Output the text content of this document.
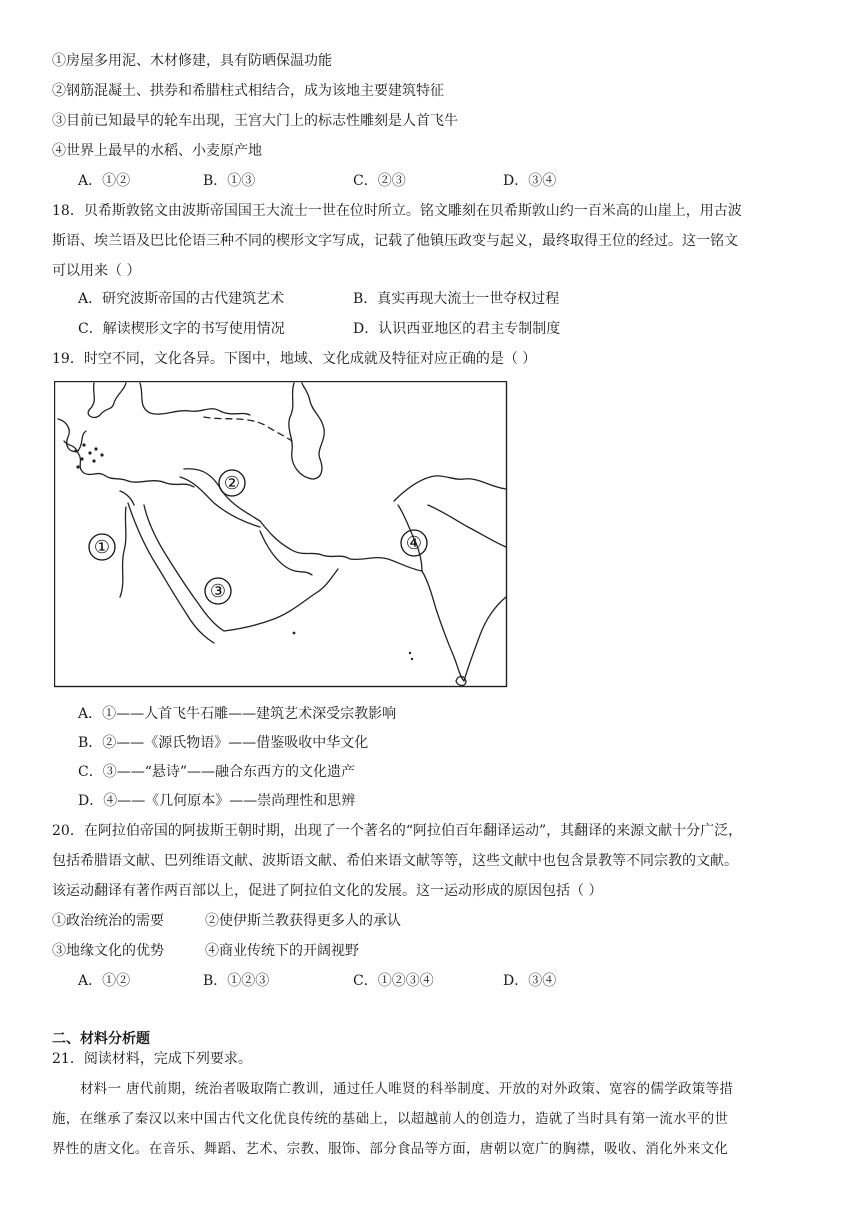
①房屋多用泥、木材修建，具有防晒保温功能
②钢筋混凝土、拱券和希腊柱式相结合，成为该地主要建筑特征
③目前已知最早的轮车出现，王宫大门上的标志性雕刻是人首飞牛
④世界上最早的水稻、小麦原产地
A．①②	B．①③	C．②③	D．③④
18．贝希斯敦铭文由波斯帝国国王大流士一世在位时所立。铭文雕刻在贝希斯敦山约一百米高的山崖上，用古波
斯语、埃兰语及巴比伦语三种不同的楔形文字写成，记载了他镇压政变与起义，最终取得王位的经过。这一铭文
可以用来（ ）
A．研究波斯帝国的古代建筑艺术	B．真实再现大流士一世夺权过程
C．解读楔形文字的书写使用情况	D．认识西亚地区的君主专制制度
19．时空不同，文化各异。下图中，地域、文化成就及特征对应正确的是（ ）
①
②
③
④
A．①——人首飞牛石雕——建筑艺术深受宗教影响
B．②——《源氏物语》——借鉴吸收中华文化
C．③——“悬诗”——融合东西方的文化遗产
D．④——《几何原本》——崇尚理性和思辨
20．在阿拉伯帝国的阿拔斯王朝时期，出现了一个著名的“阿拉伯百年翻译运动”，其翻译的来源文献十分广泛，
包括希腊语文献、巴列维语文献、波斯语文献、希伯来语文献等等，这些文献中也包含景教等不同宗教的文献。
该运动翻译有著作两百部以上，促进了阿拉伯文化的发展。这一运动形成的原因包括（ ）
①政治统治的需要	②使伊斯兰教获得更多人的承认
③地缘文化的优势	④商业传统下的开阔视野
A．①②	B．①②③	C．①②③④	D．③④
二、材料分析题
21．阅读材料，完成下列要求。
材料一 唐代前期，统治者吸取隋亡教训，通过任人唯贤的科举制度、开放的对外政策、宽容的儒学政策等措
施，在继承了秦汉以来中国古代文化优良传统的基础上，以超越前人的创造力，造就了当时具有第一流水平的世
界性的唐文化。在音乐、舞蹈、艺术、宗教、服饰、部分食品等方面，唐朝以宽广的胸襟，吸收、消化外来文化
